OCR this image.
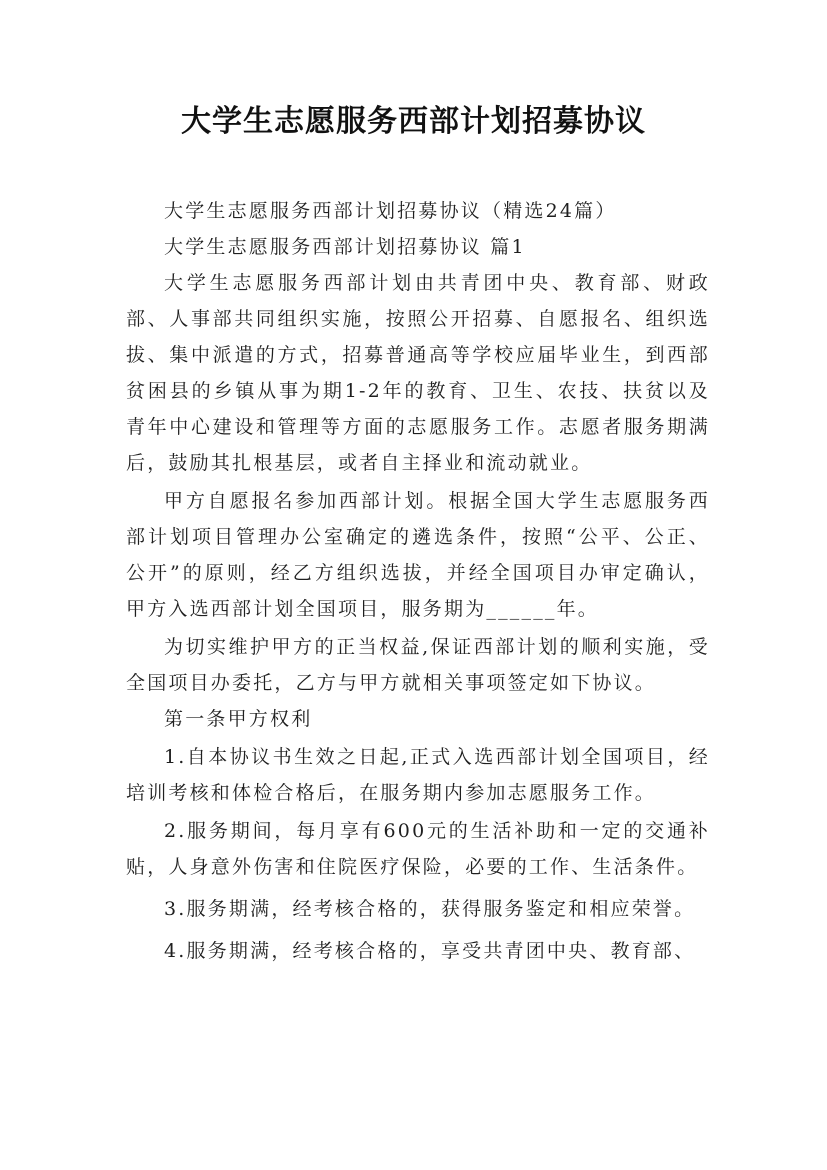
大学生志愿服务西部计划招募协议

大学生志愿服务西部计划招募协议（精选24篇）

大学生志愿服务西部计划招募协议 篇1

大学生志愿服务西部计划由共青团中央、教育部、财政部、人事部共同组织实施，按照公开招募、自愿报名、组织选拔、集中派遣的方式，招募普通高等学校应届毕业生，到西部贫困县的乡镇从事为期1-2年的教育、卫生、农技、扶贫以及青年中心建设和管理等方面的志愿服务工作。志愿者服务期满后，鼓励其扎根基层，或者自主择业和流动就业。

甲方自愿报名参加西部计划。根据全国大学生志愿服务西部计划项目管理办公室确定的遴选条件，按照“公平、公正、公开”的原则，经乙方组织选拔，并经全国项目办审定确认，甲方入选西部计划全国项目，服务期为______年。

为切实维护甲方的正当权益,保证西部计划的顺利实施，受全国项目办委托，乙方与甲方就相关事项签定如下协议。

第一条甲方权利

1.自本协议书生效之日起,正式入选西部计划全国项目，经培训考核和体检合格后，在服务期内参加志愿服务工作。

2.服务期间，每月享有600元的生活补助和一定的交通补贴，人身意外伤害和住院医疗保险，必要的工作、生活条件。

3.服务期满，经考核合格的，获得服务鉴定和相应荣誉。

4.服务期满，经考核合格的，享受共青团中央、教育部、
